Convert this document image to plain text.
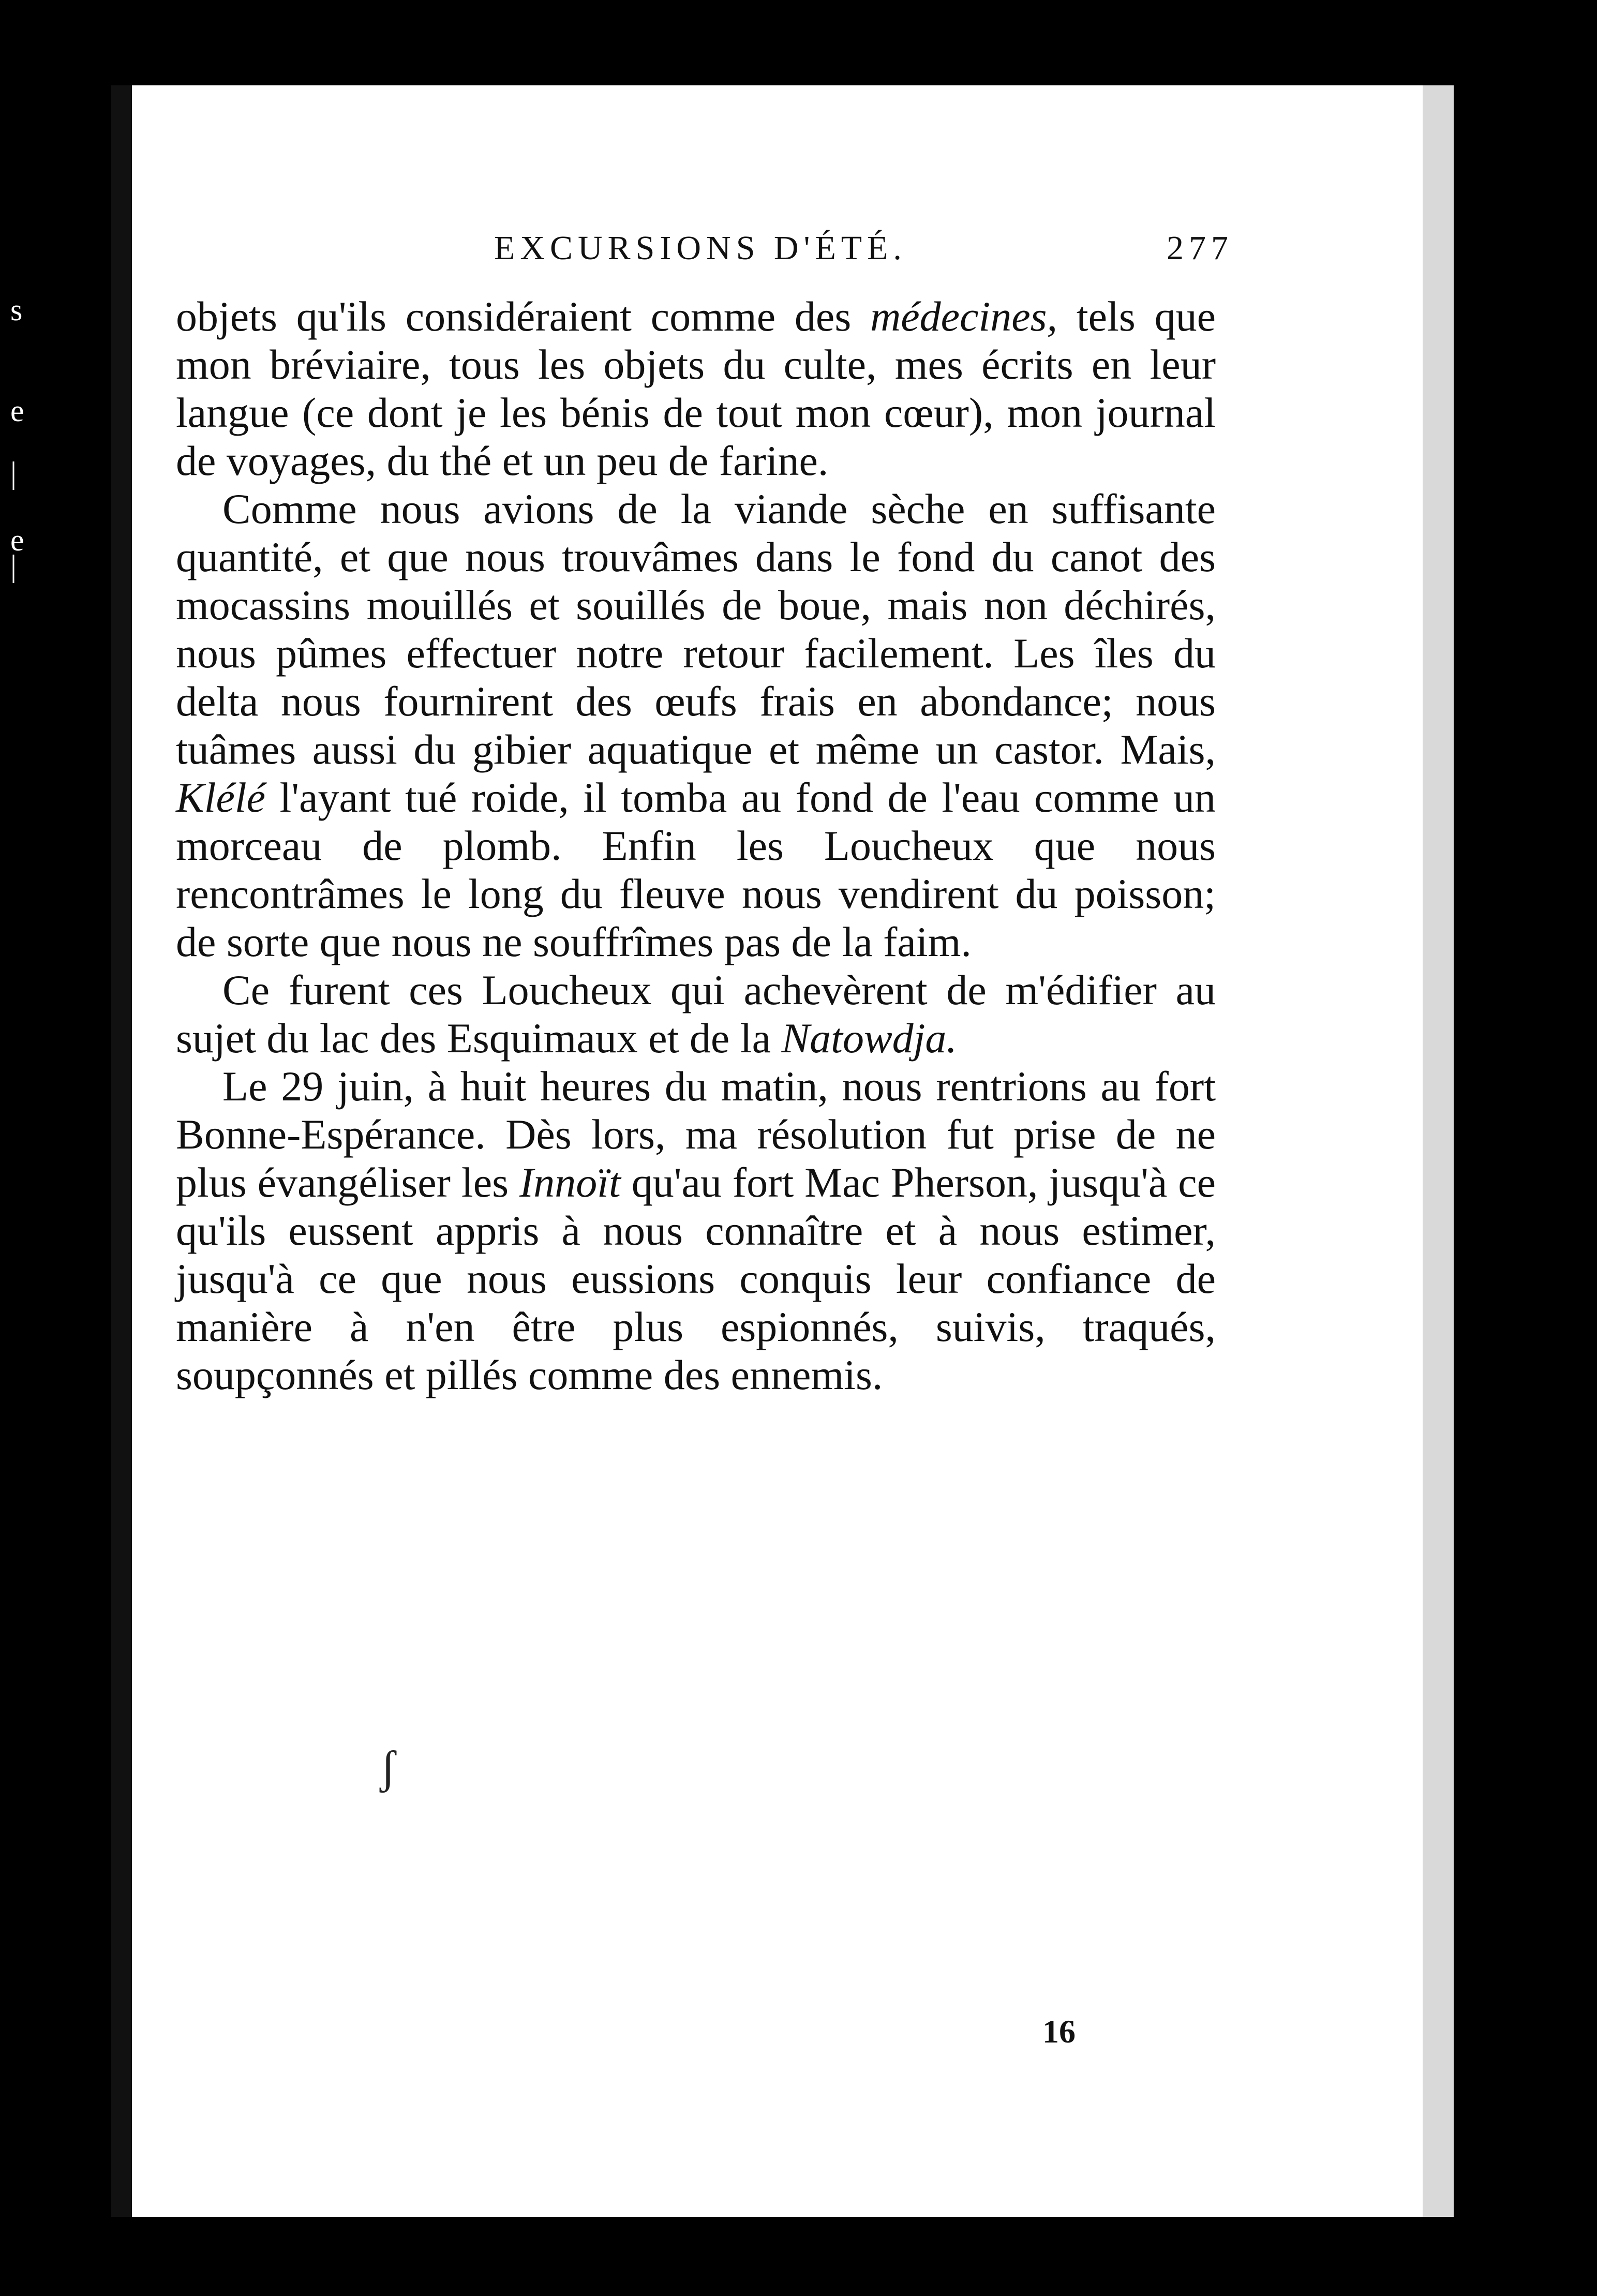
s
e
|
e
|
EXCURSIONS D'ÉTÉ.	277

objets qu'ils considéraient comme des médecines, tels que mon bréviaire, tous les objets du culte, mes écrits en leur langue (ce dont je les bénis de tout mon cœur), mon journal de voyages, du thé et un peu de farine.

Comme nous avions de la viande sèche en suffisante quantité, et que nous trouvâmes dans le fond du canot des mocassins mouillés et souillés de boue, mais non déchirés, nous pûmes effectuer notre retour facilement. Les îles du delta nous fournirent des œufs frais en abondance; nous tuâmes aussi du gibier aquatique et même un castor. Mais, Klélé l'ayant tué roide, il tomba au fond de l'eau comme un morceau de plomb. Enfin les Loucheux que nous rencontrâmes le long du fleuve nous vendirent du poisson; de sorte que nous ne souffrîmes pas de la faim.

Ce furent ces Loucheux qui achevèrent de m'édifier au sujet du lac des Esquimaux et de la Natowdja.

Le 29 juin, à huit heures du matin, nous rentrions au fort Bonne-Espérance. Dès lors, ma résolution fut prise de ne plus évangéliser les Innoït qu'au fort Mac Pherson, jusqu'à ce qu'ils eussent appris à nous connaître et à nous estimer, jusqu'à ce que nous eussions conquis leur confiance de manière à n'en être plus espionnés, suivis, traqués, soupçonnés et pillés comme des ennemis.

16
ʃ
